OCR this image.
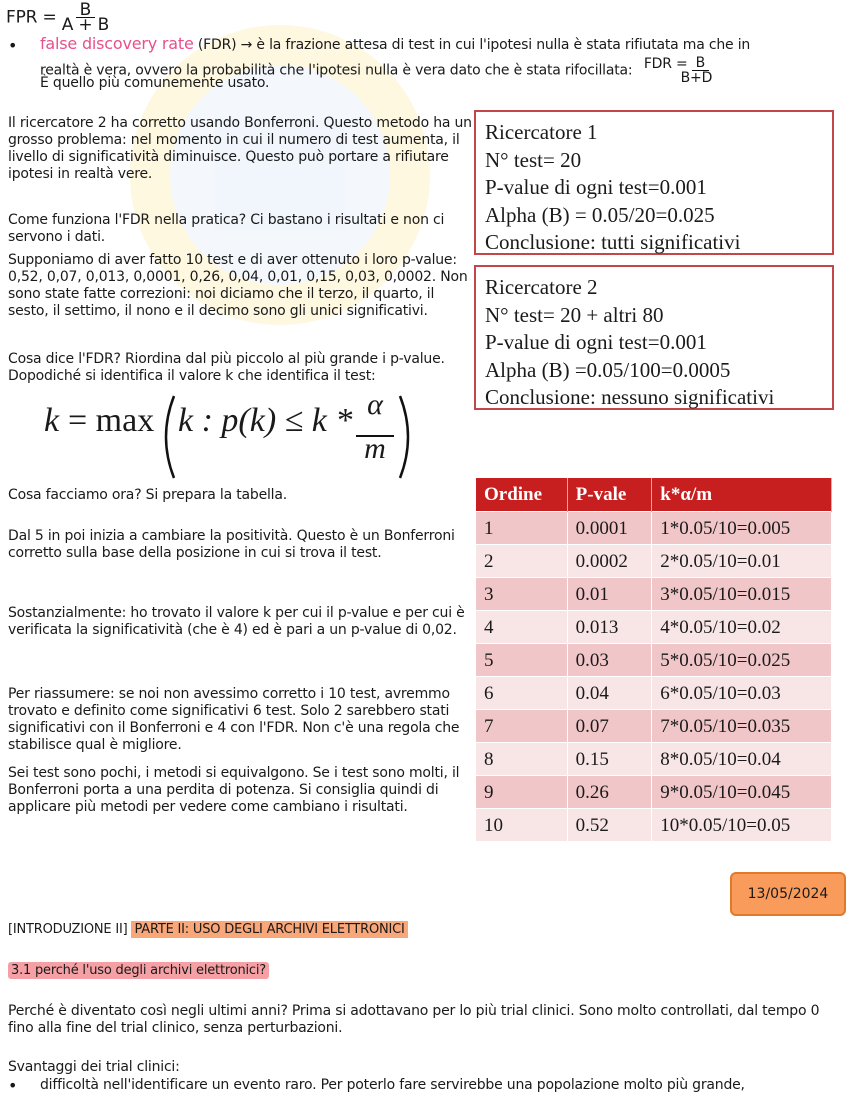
FPR = $\frac{B}{A + B}$
• false discovery rate (FDR) → è la frazione attesa di test in cui l'ipotesi nulla è stata rifiutata ma che in
realtà è vera, ovvero la probabilità che l'ipotesi nulla è vera dato che è stata rifocillata: FDR = B
B+D
È quello più comunemente usato.
Il ricercatore 2 ha corretto usando Bonferroni. Questo metodo ha un grosso problema: nel momento in cui il numero di test aumenta, il livello di significatività diminuisce. Questo può portare a rifiutare ipotesi in realtà vere.
Come funziona l'FDR nella pratica? Ci bastano i risultati e non ci servono i dati.
Supponiamo di aver fatto 10 test e di aver ottenuto i loro p-value: 0,52, 0,07, 0,013, 0,0001, 0,26, 0,04, 0,01, 0,15, 0,03, 0,0002. Non sono state fatte correzioni: noi diciamo che il terzo, il quarto, il sesto, il settimo, il nono e il decimo sono gli unici significativi.
Cosa dice l'FDR? Riordina dal più piccolo al più grande i p-value. Dopodiché si identifica il valore k che identifica il test:
k = max k : p(k) ≤ k * α
m
Cosa facciamo ora? Si prepara la tabella.
Dal 5 in poi inizia a cambiare la positività. Questo è un Bonferroni corretto sulla base della posizione in cui si trova il test.
Sostanzialmente: ho trovato il valore k per cui il p-value e per cui è verificata la significatività (che è 4) ed è pari a un p-value di 0,02.
Per riassumere: se noi non avessimo corretto i 10 test, avremmo trovato e definito come significativi 6 test. Solo 2 sarebbero stati significativi con il Bonferroni e 4 con l'FDR. Non c'è una regola che stabilisce qual è migliore.
Sei test sono pochi, i metodi si equivalgono. Se i test sono molti, il Bonferroni porta a una perdita di potenza. Si consiglia quindi di applicare più metodi per vedere come cambiano i risultati.
Ricercatore 1
N° test= 20
P-value di ogni test=0.001
Alpha (B) = 0.05/20=0.025
Conclusione: tutti significativi
Ricercatore 2
N° test= 20 + altri 80
P-value di ogni test=0.001
Alpha (B) =0.05/100=0.0005
Conclusione: nessuno significativi
Ordine	P-vale	k*α/m
1	0.0001	1*0.05/10=0.005
2	0.0002	2*0.05/10=0.01
3	0.01	3*0.05/10=0.015
4	0.013	4*0.05/10=0.02
5	0.03	5*0.05/10=0.025
6	0.04	6*0.05/10=0.03
7	0.07	7*0.05/10=0.035
8	0.15	8*0.05/10=0.04
9	0.26	9*0.05/10=0.045
10	0.52	10*0.05/10=0.05
13/05/2024
[INTRODUZIONE II] PARTE II: USO DEGLI ARCHIVI ELETTRONICI
3.1 perché l'uso degli archivi elettronici?
Perché è diventato così negli ultimi anni? Prima si adottavano per lo più trial clinici. Sono molto controllati, dal tempo 0 fino alla fine del trial clinico, senza perturbazioni.
Svantaggi dei trial clinici:
• difficoltà nell'identificare un evento raro. Per poterlo fare servirebbe una popolazione molto più grande,
